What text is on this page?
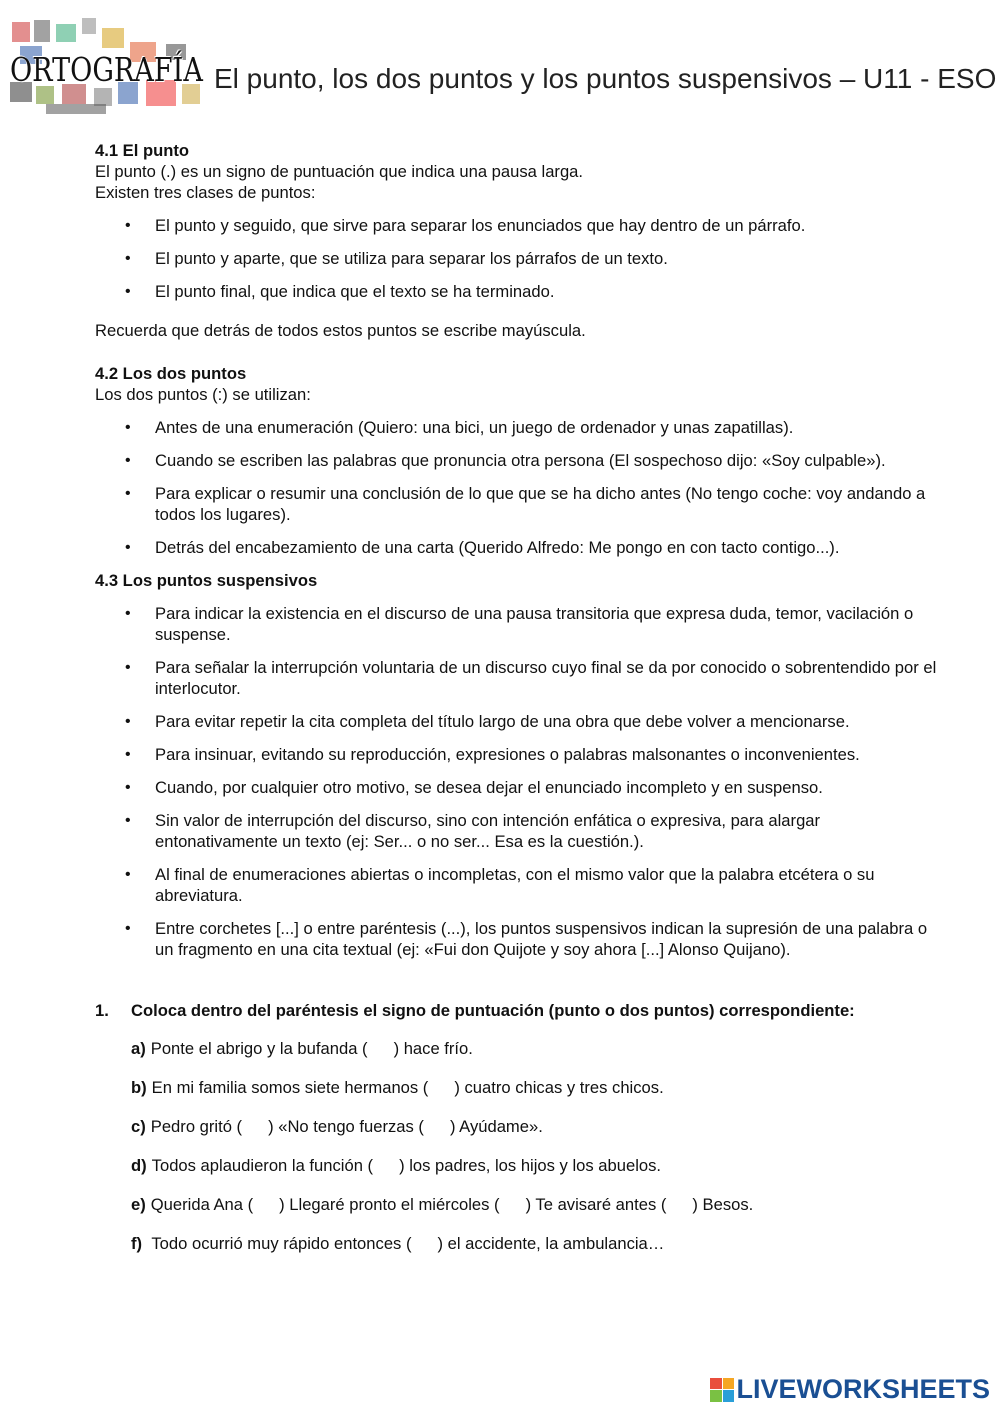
ORTOGRAFÍA El punto, los dos puntos y los puntos suspensivos – U11 - ESO

4.1 El punto

El punto (.) es un signo de puntuación que indica una pausa larga.

Existen tres clases de puntos:

• El punto y seguido, que sirve para separar los enunciados que hay dentro de un párrafo.
• El punto y aparte, que se utiliza para separar los párrafos de un texto.
• El punto final, que indica que el texto se ha terminado.

Recuerda que detrás de todos estos puntos se escribe mayúscula.

4.2 Los dos puntos

Los dos puntos (:) se utilizan:

• Antes de una enumeración (Quiero: una bici, un juego de ordenador y unas zapatillas).
• Cuando se escriben las palabras que pronuncia otra persona (El sospechoso dijo: «Soy culpable»).
• Para explicar o resumir una conclusión de lo que que se ha dicho antes (No tengo coche: voy andando a todos los lugares).
• Detrás del encabezamiento de una carta (Querido Alfredo: Me pongo en con tacto contigo...).

4.3 Los puntos suspensivos

• Para indicar la existencia en el discurso de una pausa transitoria que expresa duda, temor, vacilación o suspense.
• Para señalar la interrupción voluntaria de un discurso cuyo final se da por conocido o sobrentendido por el interlocutor.
• Para evitar repetir la cita completa del título largo de una obra que debe volver a mencionarse.
• Para insinuar, evitando su reproducción, expresiones o palabras malsonantes o inconvenientes.
• Cuando, por cualquier otro motivo, se desea dejar el enunciado incompleto y en suspenso.
• Sin valor de interrupción del discurso, sino con intención enfática o expresiva, para alargar entonativamente un texto (ej: Ser... o no ser... Esa es la cuestión.).
• Al final de enumeraciones abiertas o incompletas, con el mismo valor que la palabra etcétera o su abreviatura.
• Entre corchetes [...] o entre paréntesis (...), los puntos suspensivos indican la supresión de una palabra o un fragmento en una cita textual (ej: «Fui don Quijote y soy ahora [...] Alonso Quijano).
1.	Coloca dentro del paréntesis el signo de puntuación (punto o dos puntos) correspondiente:
a) Ponte el abrigo y la bufanda ( ) hace frío.
b) En mi familia somos siete hermanos ( ) cuatro chicas y tres chicos.
c) Pedro gritó ( ) «No tengo fuerzas ( ) Ayúdame».
d) Todos aplaudieron la función ( ) los padres, los hijos y los abuelos.
e) Querida Ana ( ) Llegaré pronto el miércoles ( ) Te avisaré antes ( ) Besos.
f) Todo ocurrió muy rápido entonces ( ) el accidente, la ambulancia…
LIVEWORKSHEETS
